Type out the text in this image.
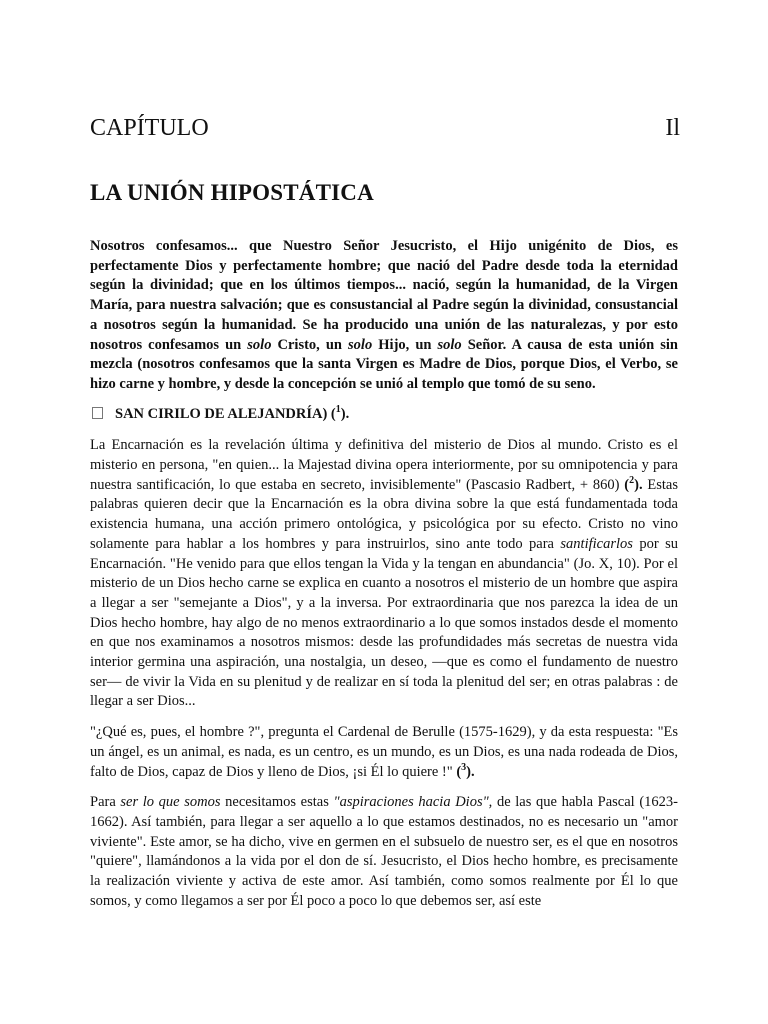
CAPÍTULO	Il
LA UNIÓN HIPOSTÁTICA

Nosotros confesamos... que Nuestro Señor Jesucristo, el Hijo unigénito de Dios, es perfectamente Dios y perfectamente hombre; que nació del Padre desde toda la eternidad según la divinidad; que en los últimos tiempos... nació, según la humanidad, de la Virgen María, para nuestra salvación; que es consustancial al Padre según la divinidad, consustancial a nosotros según la humanidad. Se ha producido una unión de las naturalezas, y por esto nosotros confesamos un solo Cristo, un solo Hijo, un solo Señor. A causa de esta unión sin mezcla (nosotros confesamos que la santa Virgen es Madre de Dios, porque Dios, el Verbo, se hizo carne y hombre, y desde la concepción se unió al templo que tomó de su seno.

SAN CIRILO DE ALEJANDRÍA) ($^1$).

La Encarnación es la revelación última y definitiva del misterio de Dios al mundo. Cristo es el misterio en persona, "en quien... la Majestad divina opera interiormente, por su omnipotencia y para nuestra santificación, lo que estaba en secreto, invisiblemente" (Pascasio Radbert, + 860) ($^2$). Estas palabras quieren decir que la Encarnación es la obra divina sobre la que está fundamentada toda existencia humana, una acción primero ontológica, y psicológica por su efecto. Cristo no vino solamente para hablar a los hombres y para instruirlos, sino ante todo para santificarlos por su Encarnación. "He venido para que ellos tengan la Vida y la tengan en abundancia" (Jo. X, 10). Por el misterio de un Dios hecho carne se explica en cuanto a nosotros el misterio de un hombre que aspira a llegar a ser "semejante a Dios", y a la inversa. Por extraordinaria que nos parezca la idea de un Dios hecho hombre, hay algo de no menos extraordinario a lo que somos instados desde el momento en que nos examinamos a nosotros mismos: desde las profundidades más secretas de nuestra vida interior germina una aspiración, una nostalgia, un deseo, —que es como el fundamento de nuestro ser— de vivir la Vida en su plenitud y de realizar en sí toda la plenitud del ser; en otras palabras : de llegar a ser Dios...

"¿Qué es, pues, el hombre ?", pregunta el Cardenal de Berulle (1575-1629), y da esta respuesta: "Es un ángel, es un animal, es nada, es un centro, es un mundo, es un Dios, es una nada rodeada de Dios, falto de Dios, capaz de Dios y lleno de Dios, ¡si Él lo quiere !" ($^3$).

Para ser lo que somos necesitamos estas "aspiraciones hacia Dios", de las que habla Pascal (1623-1662). Así también, para llegar a ser aquello a lo que estamos destinados, no es necesario un "amor viviente". Este amor, se ha dicho, vive en germen en el subsuelo de nuestro ser, es el que en nosotros "quiere", llamándonos a la vida por el don de sí. Jesucristo, el Dios hecho hombre, es precisamente la realización viviente y activa de este amor. Así también, como somos realmente por Él lo que somos, y como llegamos a ser por Él poco a poco lo que debemos ser, así este
